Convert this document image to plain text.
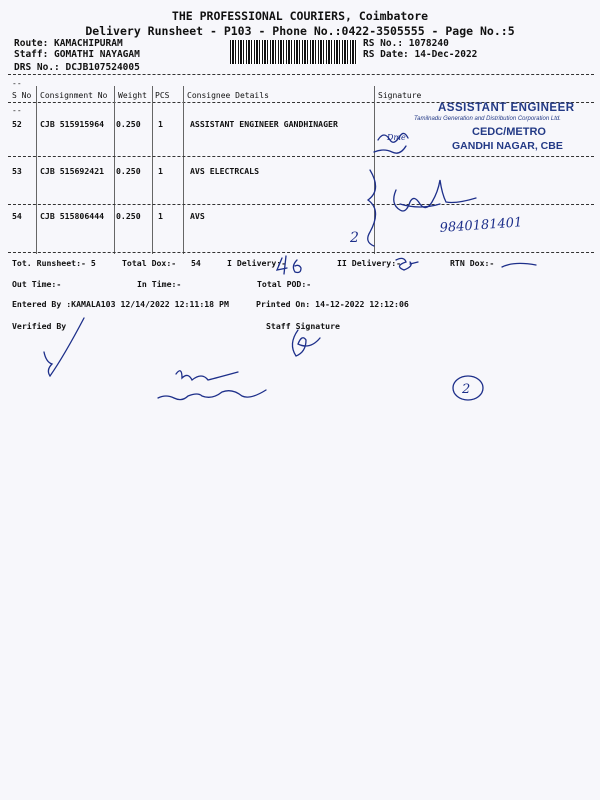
THE PROFESSIONAL COURIERS, Coimbatore
Delivery Runsheet - P103 - Phone No.:0422-3505555 - Page No.:5
Route: KAMACHIPURAM
Staff: GOMATHI NAYAGAM
DRS No.: DCJB107524005
RS No.: 1078240
RS Date: 14-Dec-2022
--
S No Consignment No Weight PCS Consignee Details	Signature
--
52 CJB 515915964 0.250 1	ASSISTANT ENGINEER GANDHINAGER
53 CJB 515692421 0.250 1	AVS ELECTRCALS
54 CJB 515806444 0.250 1	AVS
ASSISTANT ENGINEER
Tamilnadu Generation and Distribution Corporation Ltd.
CEDC/METRO
GANDHI NAGAR, CBE
Tot. Runsheet:- 5	Total Dox:- 54	I Delivery:-	II Delivery:-	RTN Dox:-
Out Time:-	In Time:-	Total POD:-
Entered By :KAMALA103 12/14/2022 12:11:18 PM	Printed On: 14-12-2022 12:12:06
Verified By	Staff Signature
Dme
2
9840181401
2
